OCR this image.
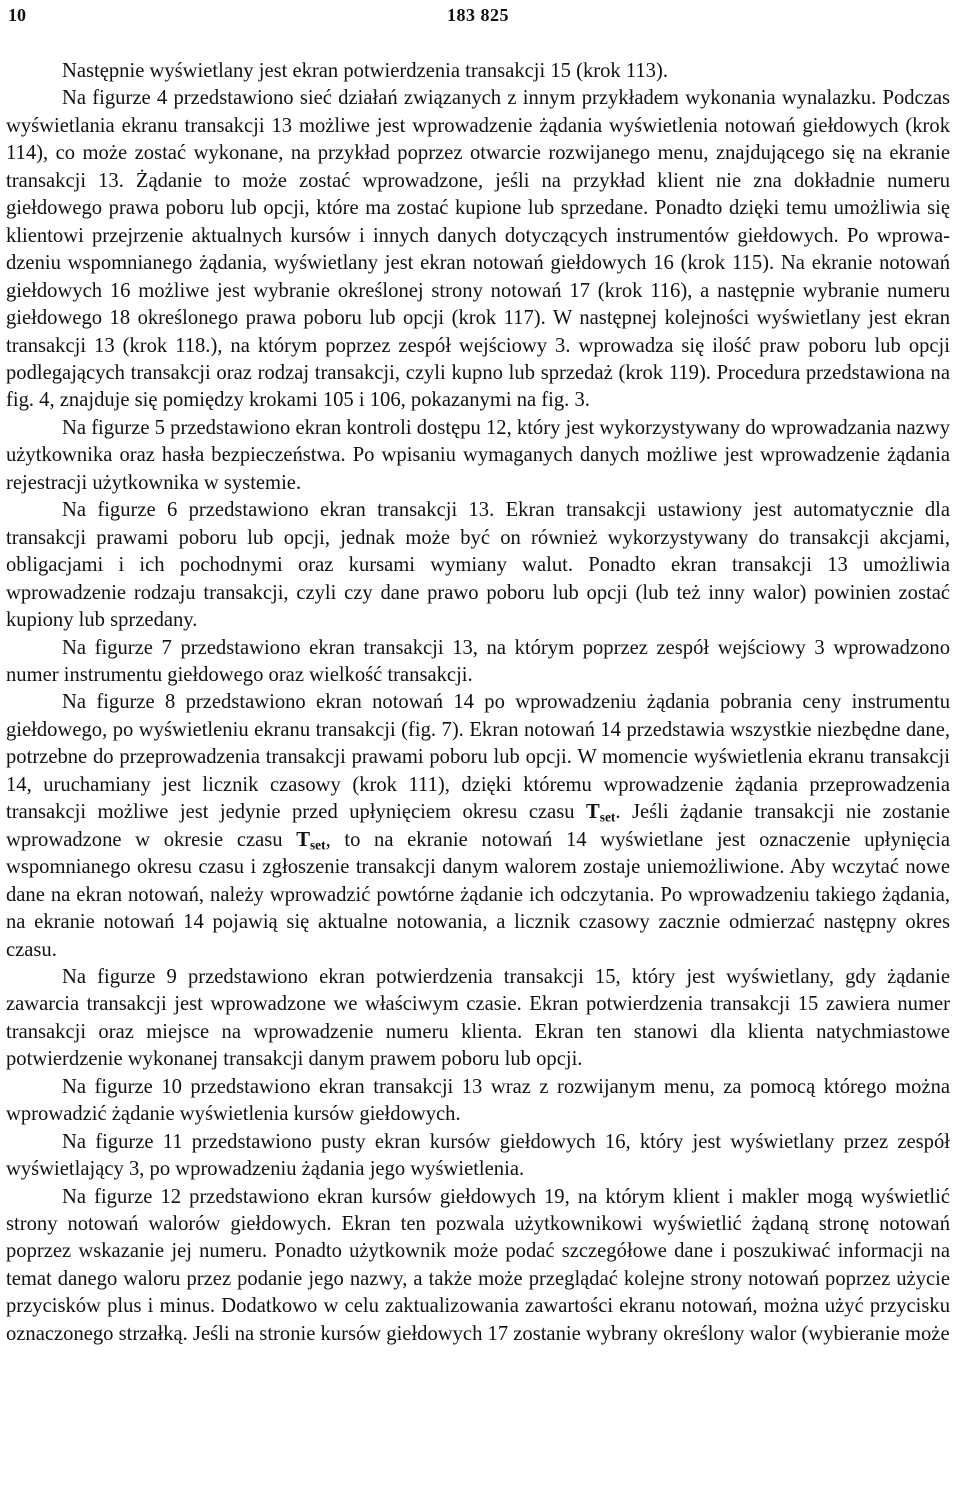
10	183 825

Następnie wyświetlany jest ekran potwierdzenia transakcji 15 (krok 113).

Na figurze 4 przedstawiono sieć działań związanych z innym przykładem wykonania wynalazku. Podczas wyświetlania ekranu transakcji 13 możliwe jest wprowadzenie żądania wyświetlenia notowań giełdowych (krok 114), co może zostać wykonane, na przykład poprzez otwarcie rozwijanego menu, znajdującego się na ekranie transakcji 13. Żądanie to może zostać wprowadzone, jeśli na przykład klient nie zna dokładnie numeru giełdowego prawa poboru lub opcji, które ma zostać kupione lub sprzedane. Ponadto dzięki temu umożliwia się klientowi przejrzenie aktualnych kursów i innych danych dotyczących instrumentów giełdowych. Po wprowadzeniu wspomnianego żądania, wyświetlany jest ekran notowań giełdowych 16 (krok 115). Na ekranie notowań giełdowych 16 możliwe jest wybranie określonej strony notowań 17 (krok 116), a następnie wybranie numeru giełdowego 18 określonego prawa poboru lub opcji (krok 117). W następnej kolejności wyświetlany jest ekran transakcji 13 (krok 118.), na którym poprzez zespół wejściowy 3. wprowadza się ilość praw poboru lub opcji podlegających transakcji oraz rodzaj transakcji, czyli kupno lub sprzedaż (krok 119). Procedura przedstawiona na fig. 4, znajduje się pomiędzy krokami 105 i 106, pokazanymi na fig. 3.

Na figurze 5 przedstawiono ekran kontroli dostępu 12, który jest wykorzystywany do wprowadzania nazwy użytkownika oraz hasła bezpieczeństwa. Po wpisaniu wymaganych danych możliwe jest wprowadzenie żądania rejestracji użytkownika w systemie.

Na figurze 6 przedstawiono ekran transakcji 13. Ekran transakcji ustawiony jest automatycznie dla transakcji prawami poboru lub opcji, jednak może być on również wykorzystywany do transakcji akcjami, obligacjami i ich pochodnymi oraz kursami wymiany walut. Ponadto ekran transakcji 13 umożliwia wprowadzenie rodzaju transakcji, czyli czy dane prawo poboru lub opcji (lub też inny walor) powinien zostać kupiony lub sprzedany.

Na figurze 7 przedstawiono ekran transakcji 13, na którym poprzez zespół wejściowy 3 wprowadzono numer instrumentu giełdowego oraz wielkość transakcji.

Na figurze 8 przedstawiono ekran notowań 14 po wprowadzeniu żądania pobrania ceny instrumentu giełdowego, po wyświetleniu ekranu transakcji (fig. 7). Ekran notowań 14 przedstawia wszystkie niezbędne dane, potrzebne do przeprowadzenia transakcji prawami poboru lub opcji. W momencie wyświetlenia ekranu transakcji 14, uruchamiany jest licznik czasowy (krok 111), dzięki któremu wprowadzenie żądania przeprowadzenia transakcji możliwe jest jedynie przed upłynięciem okresu czasu $T_{set}$. Jeśli żądanie transakcji nie zostanie wprowadzone w okresie czasu $T_{set}$, to na ekranie notowań 14 wyświetlane jest oznaczenie upłynięcia wspomnianego okresu czasu i zgłoszenie transakcji danym walorem zostaje uniemożliwione. Aby wczytać nowe dane na ekran notowań, należy wprowadzić powtórne żądanie ich odczytania. Po wprowadzeniu takiego żądania, na ekranie notowań 14 pojawią się aktualne notowania, a licznik czasowy zacznie odmierzać następny okres czasu.

Na figurze 9 przedstawiono ekran potwierdzenia transakcji 15, który jest wyświetlany, gdy żądanie zawarcia transakcji jest wprowadzone we właściwym czasie. Ekran potwierdzenia transakcji 15 zawiera numer transakcji oraz miejsce na wprowadzenie numeru klienta. Ekran ten stanowi dla klienta natychmiastowe potwierdzenie wykonanej transakcji danym prawem poboru lub opcji.

Na figurze 10 przedstawiono ekran transakcji 13 wraz z rozwijanym menu, za pomocą którego można wprowadzić żądanie wyświetlenia kursów giełdowych.

Na figurze 11 przedstawiono pusty ekran kursów giełdowych 16, który jest wyświetlany przez zespół wyświetlający 3, po wprowadzeniu żądania jego wyświetlenia.

Na figurze 12 przedstawiono ekran kursów giełdowych 19, na którym klient i makler mogą wyświetlić strony notowań walorów giełdowych. Ekran ten pozwala użytkownikowi wyświetlić żądaną stronę notowań poprzez wskazanie jej numeru. Ponadto użytkownik może podać szczegółowe dane i poszukiwać informacji na temat danego waloru przez podanie jego nazwy, a także może przeglądać kolejne strony notowań poprzez użycie przycisków plus i minus. Dodatkowo w celu zaktualizowania zawartości ekranu notowań, można użyć przycisku oznaczonego strzałką. Jeśli na stronie kursów giełdowych 17 zostanie wybrany określony walor (wybieranie może
